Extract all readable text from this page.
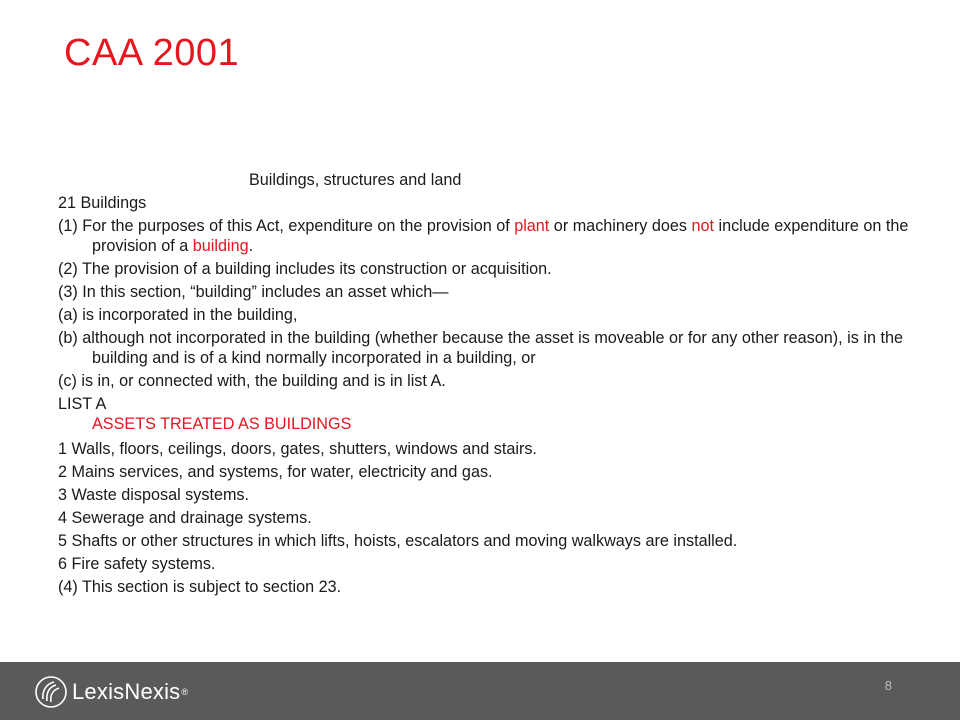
CAA 2001
Buildings, structures and land
21 Buildings
(1) For the purposes of this Act, expenditure on the provision of plant or machinery does not include expenditure on the provision of a building.
(2) The provision of a building includes its construction or acquisition.
(3) In this section, “building” includes an asset which—
(a) is incorporated in the building,
(b) although not incorporated in the building (whether because the asset is moveable or for any other reason), is in the building and is of a kind normally incorporated in a building, or
(c) is in, or connected with, the building and is in list A.
LIST A
ASSETS TREATED AS BUILDINGS
1 Walls, floors, ceilings, doors, gates, shutters, windows and stairs.
2 Mains services, and systems, for water, electricity and gas.
3 Waste disposal systems.
4 Sewerage and drainage systems.
5 Shafts or other structures in which lifts, hoists, escalators and moving walkways are installed.
6 Fire safety systems.
(4) This section is subject to section 23.
LexisNexis ®	8
